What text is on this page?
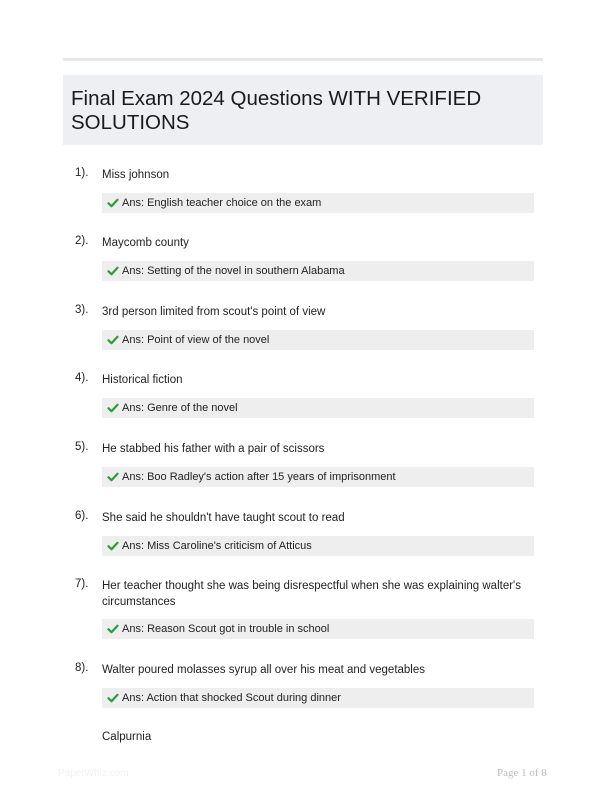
Final Exam 2024 Questions WITH VERIFIED SOLUTIONS
1). Miss johnson
Ans: English teacher choice on the exam
2). Maycomb county
Ans: Setting of the novel in southern Alabama
3). 3rd person limited from scout's point of view
Ans: Point of view of the novel
4). Historical fiction
Ans: Genre of the novel
5). He stabbed his father with a pair of scissors
Ans: Boo Radley's action after 15 years of imprisonment
6). She said he shouldn't have taught scout to read
Ans: Miss Caroline's criticism of Atticus
7). Her teacher thought she was being disrespectful when she was explaining walter's circumstances
Ans: Reason Scout got in trouble in school
8). Walter poured molasses syrup all over his meat and vegetables
Ans: Action that shocked Scout during dinner
Calpurnia
PaperWhiz.com	Page 1 of 8
